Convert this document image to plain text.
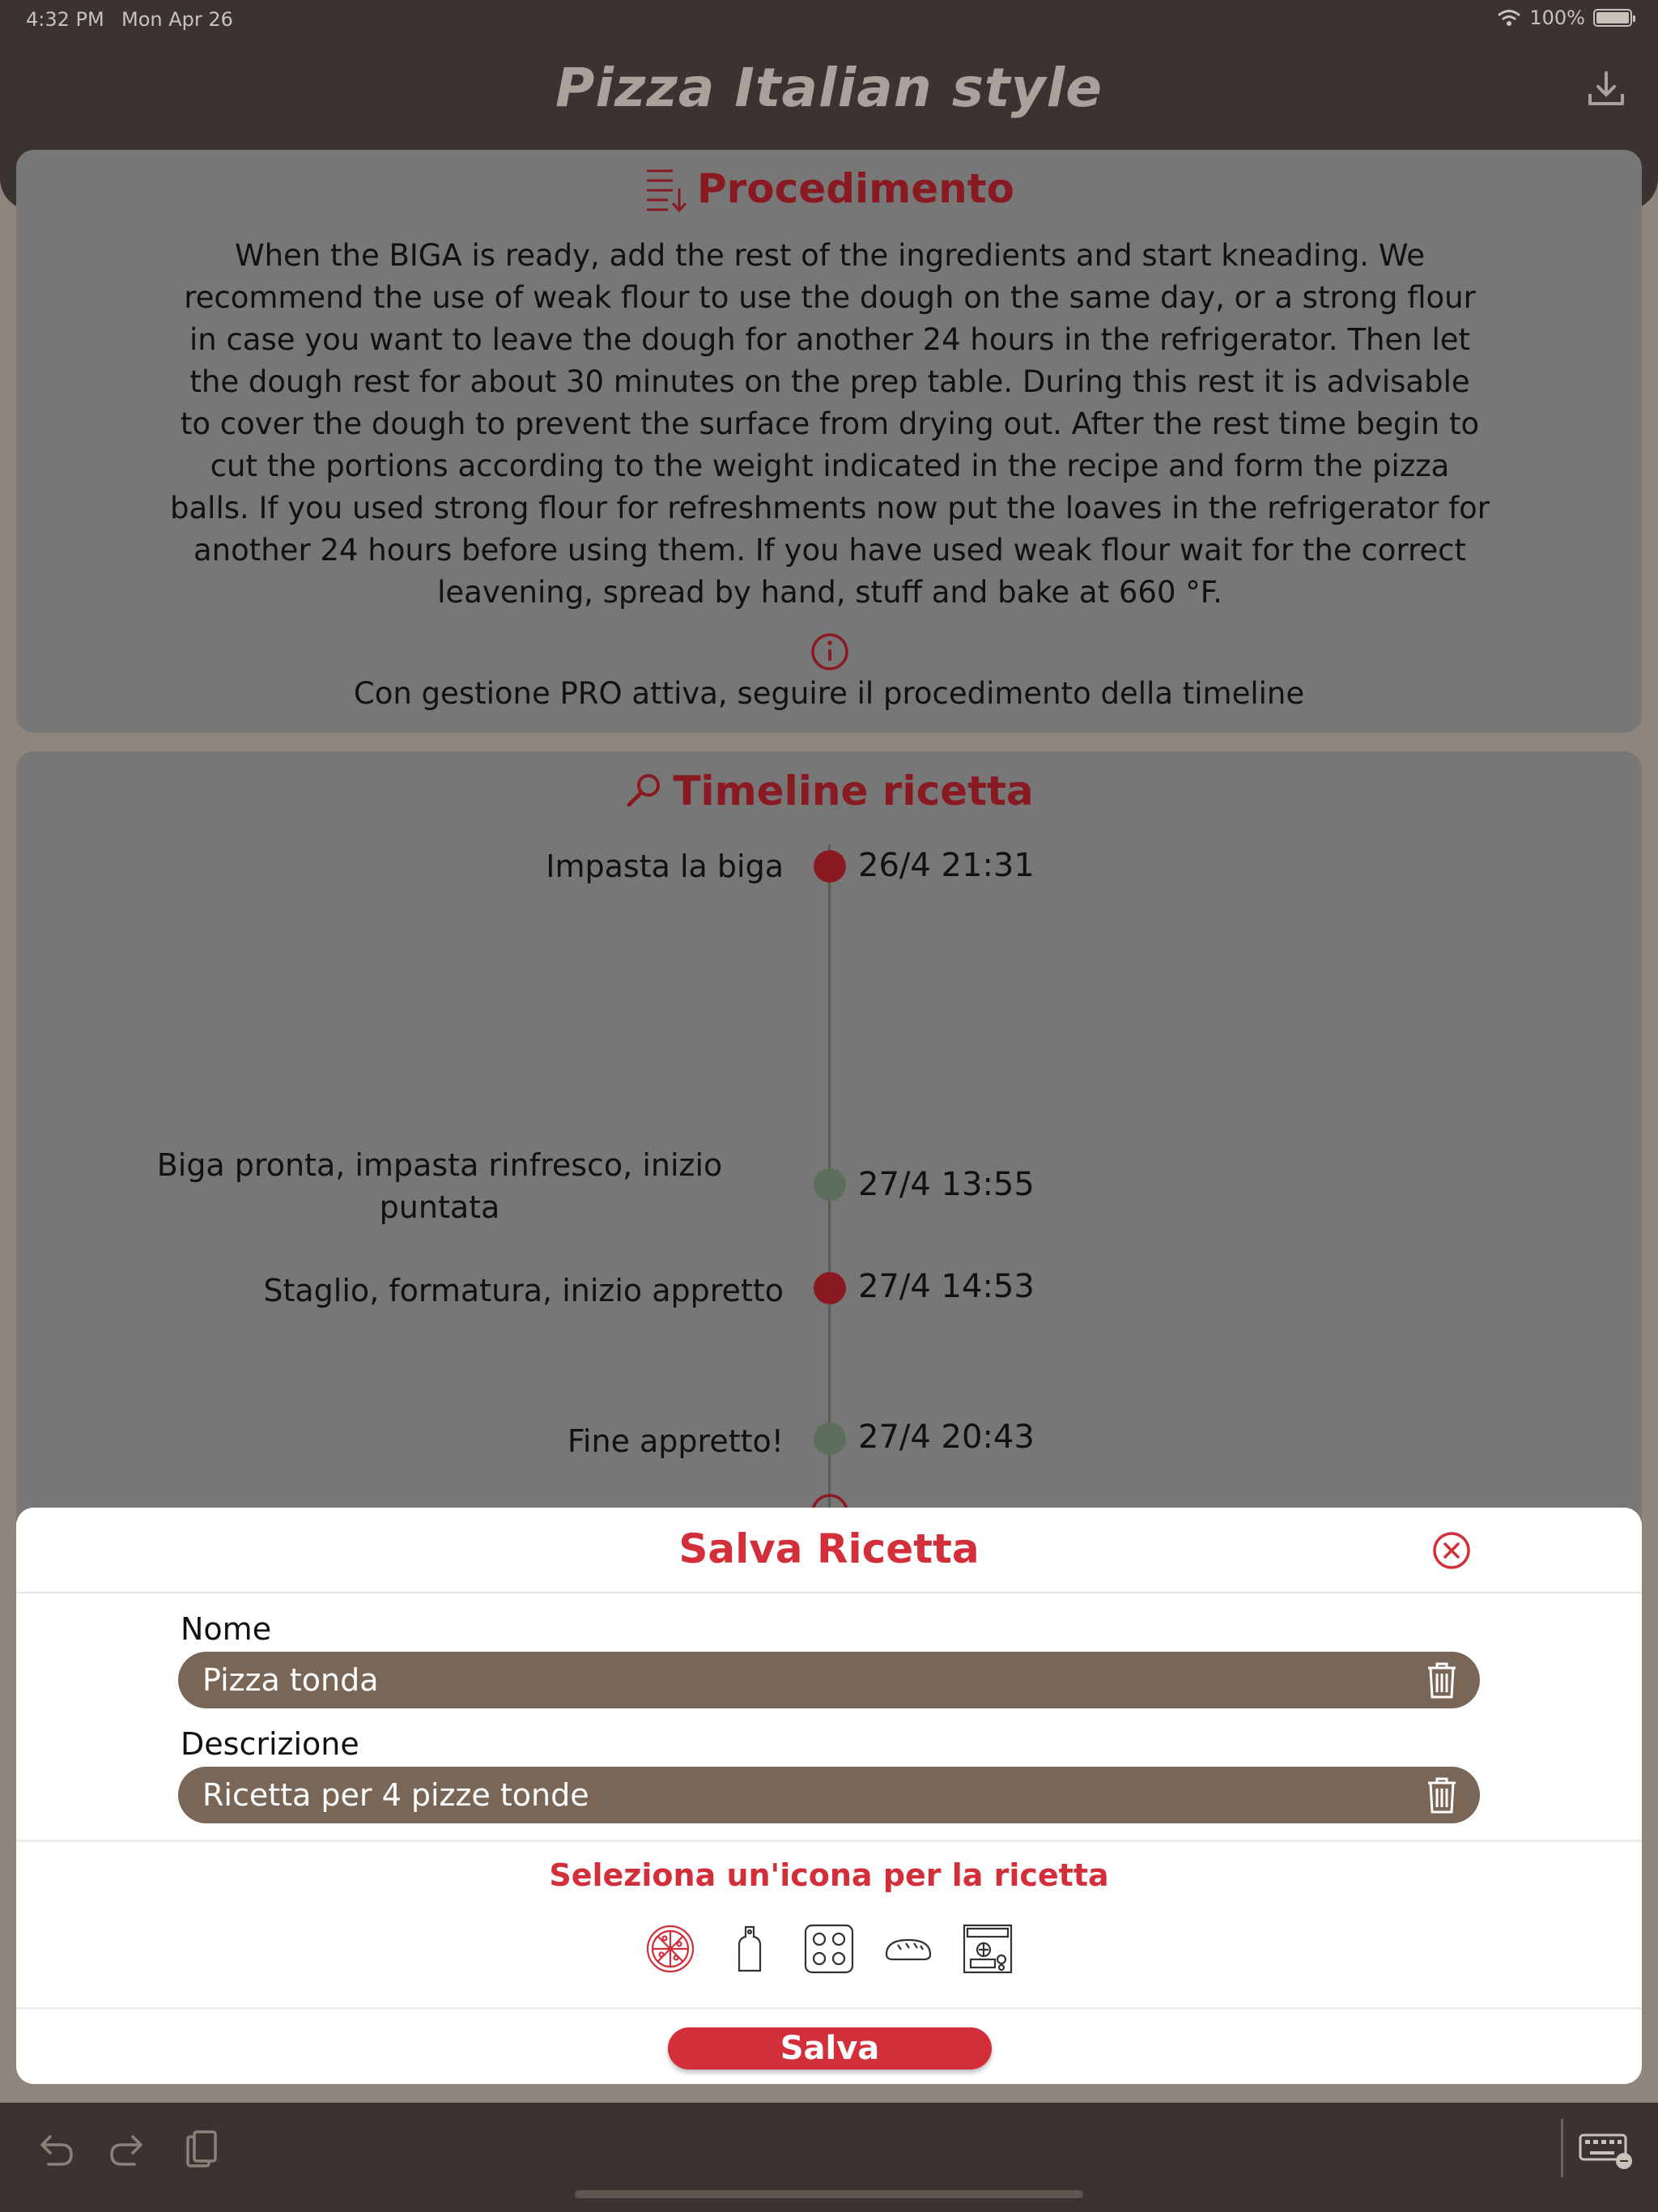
4:32 PM Mon Apr 26	100%
Pizza Italian style
Procedimento

When the BIGA is ready, add the rest of the ingredients and start kneading. We recommend the use of weak flour to use the dough on the same day, or a strong flour in case you want to leave the dough for another 24 hours in the refrigerator. Then let the dough rest for about 30 minutes on the prep table. During this rest it is advisable to cover the dough to prevent the surface from drying out. After the rest time begin to cut the portions according to the weight indicated in the recipe and form the pizza balls. If you used strong flour for refreshments now put the loaves in the refrigerator for another 24 hours before using them. If you have used weak flour wait for the correct leavening, spread by hand, stuff and bake at 660 °F.

Con gestione PRO attiva, seguire il procedimento della timeline
Timeline ricetta
Impasta la biga 26/4 21:31
Biga pronta, impasta rinfresco, inizio puntata
27/4 13:55
Staglio, formatura, inizio appretto 27/4 14:53
Fine appretto! 27/4 20:43
Salva Ricetta
Nome
Pizza tonda
Descrizione
Ricetta per 4 pizze tonde
Seleziona un'icona per la ricetta
Salva
